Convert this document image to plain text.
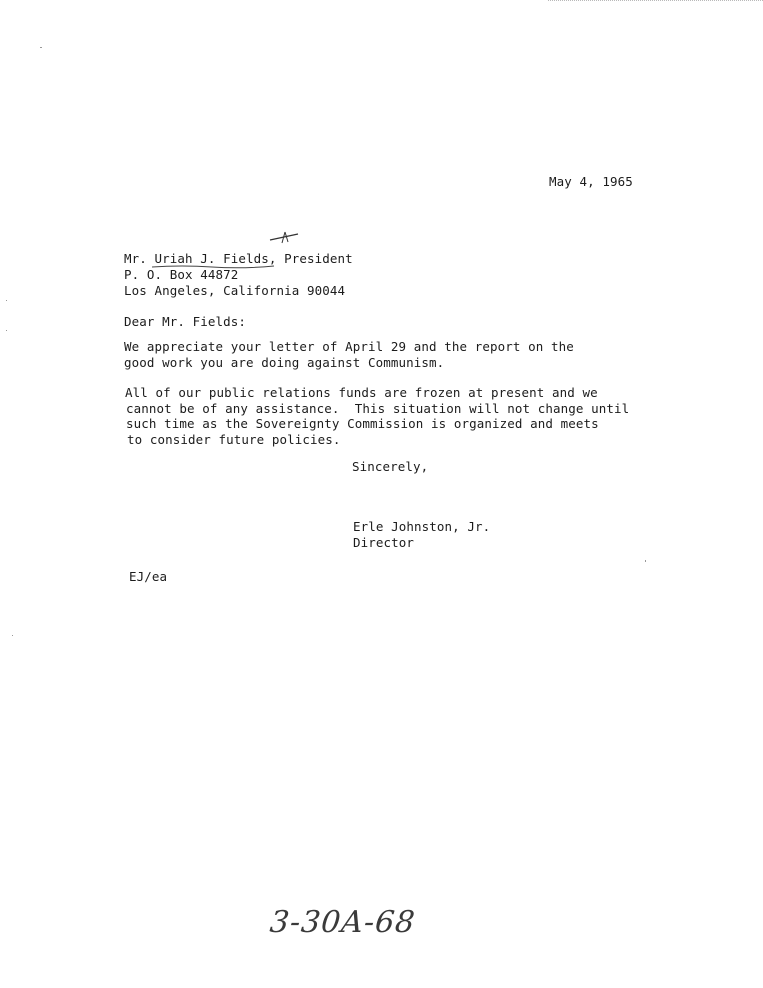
May 4, 1965
Mr. Uriah J. Fields, President
P. O. Box 44872
Los Angeles, California 90044
Dear Mr. Fields:
We appreciate your letter of April 29 and the report on the
good work you are doing against Communism.
All of our public relations funds are frozen at present and we
cannot be of any assistance.  This situation will not change until
such time as the Sovereignty Commission is organized and meets
to consider future policies.
Sincerely,
Erle Johnston, Jr.
Director
EJ/ea
3-30A-68
